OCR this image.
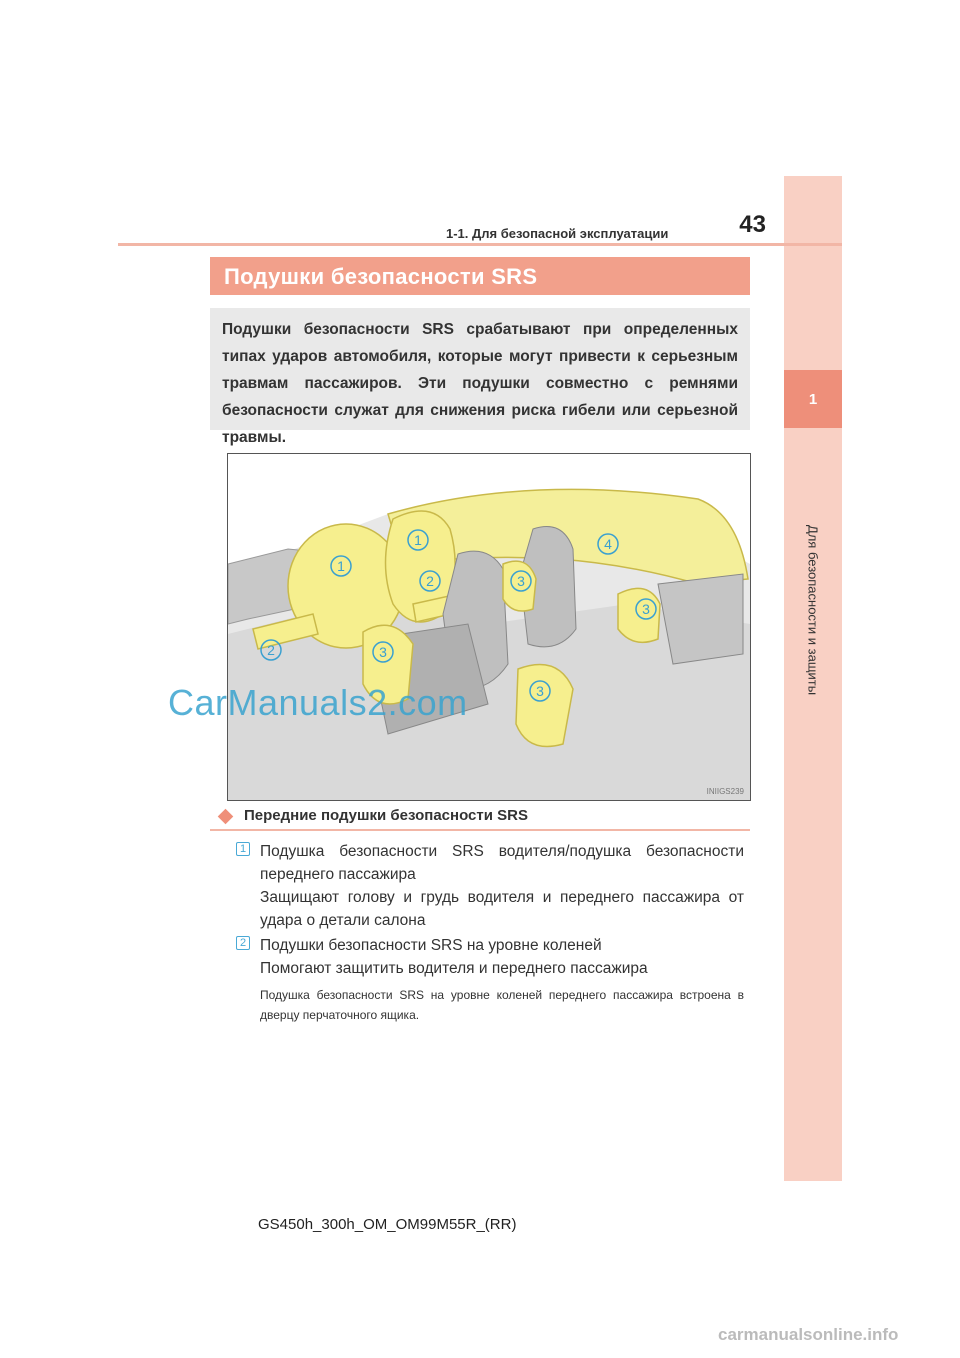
1
Для безопасности и защиты
1-1. Для безопасной эксплуатации	43
Подушки безопасности SRS

Подушки безопасности SRS срабатывают при определенных типах ударов автомобиля, которые могут привести к серьезным травмам пассажиров. Эти подушки совместно с ремнями безопасности служат для снижения риска гибели или серьезной травмы.

1
1
2
2
3
3
3
3
4
INIIGS239
CarManuals2.com
Передние подушки безопасности SRS
1 Подушка безопасности SRS водителя/подушка безопасности переднего пассажира
Защищают голову и грудь водителя и переднего пассажира от удара о детали салона
2 Подушки безопасности SRS на уровне коленей
Помогают защитить водителя и переднего пассажира
Подушка безопасности SRS на уровне коленей переднего пассажира встроена в дверцу перчаточного ящика.
GS450h_300h_OM_OM99M55R_(RR)
carmanualsonline.info
